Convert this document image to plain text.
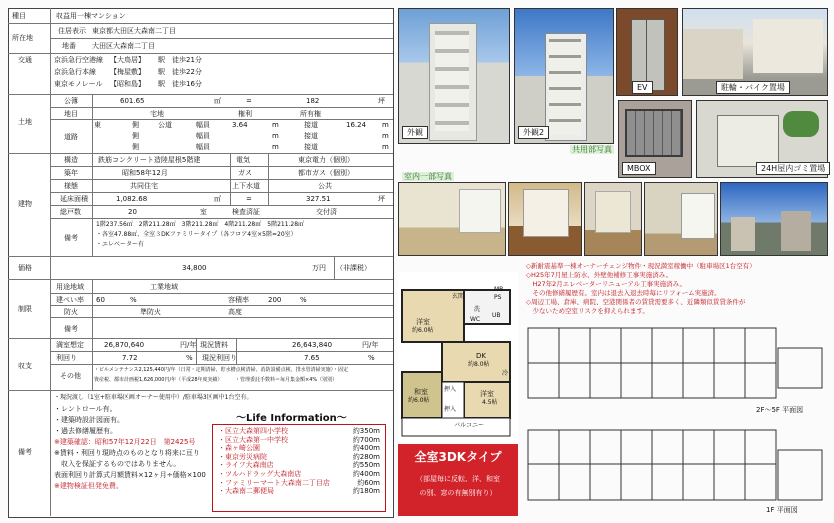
種目	収益用一棟マンション
所在地
住居表示 東京都大田区大森南二丁目
地番 大田区大森南二丁目
交通	京浜急行空港線 【大鳥居】 駅 徒歩21分
京浜急行本線 【梅屋敷】 駅 徒歩22分
東京モノレール 【昭和島】 駅 徒歩16分
土地
公簿	601.65	㎡	=	182	坪
地目	宅地	権利	所有権
道路
東	側	公道	幅員	3.64	m	接道	16.24 m
側	幅員	m	接道	m
側	幅員	m	接道	m
建物
構造	鉄筋コンクリート造陸屋根5階建	電気	東京電力（個別）
築年	昭和58年12月	ガス	都市ガス（個別）
様態	共同住宅	上下水道	公共
延床面積	1,082.68	㎡	=	327.51	坪
総戸数	20	室	検査済証	交付済
備考
1階237.56㎡　2階211.28㎡　3階211.28㎡　4階211.28㎡　5階211.28㎡
・各室47.88㎡、全室３DKファミリータイプ（各フロア4室×5階=20室）
・エレベーター有
価格	34,800	万円 （非課税）
制限
用途地域	工業地域
建ぺい率 60	%	容積率	200	%
防火	準防火	高度
備考
収支
満室想定	26,870,640	円/年 現況賃料	26,643,840	円/年
利回り	7.72	% 現況利回り	7.65	%
その他
・ビルメンテナンス2,125,440円/年（日常・定期清掃、貯水槽点検清掃、消防設備点検、排水管清掃実施）・固定
資産税、都市計画税1,626,000円/年（平成28年度実績）　　　・管理委託手数料＝毎月集金額×4%（別別）
備考
・現況渡し（1室+駐車場区画オーナー使用中）/駐車場3区画中1台空有。
・レントロール有。
・建築時設計図面有。
・過去修繕履歴有。
※建築確認：昭和57年12月22日　第2425号
※賃料・利回り現時点のものとなり将来に亘り
　収入を保証するものではありません。
表面利回り計算式月額賃料×12ヶ月÷価格×100
※建物検証但発免費。
～Life Information～
・区立大森第四小学校	約350m
・区立大森第一中学校	約700m
・森ヶ崎公園	約400m
・東京労災病院	約280m
・ライフ大森南店	約550m
・ツルハドラッグ大森南店	約400m
・ファミリーマート大森南二丁目店	約60m
・大森南二郵便局	約180m
外観	外観2
EV	駐輪・バイク置場
共用部写真
MBOX	24H屋内ゴミ置場
室内一部写真
◇新耐震基準一棟オーナーチェンジ物件・現況満室稼働中（駐車場区1台空有）
◇H25年7月屋上防水、外壁他補修工事実施済み。
　H27年2月エレベーターリニューアル工事実施済み。
　その他修繕履歴有。室内は退去入退去時毎にリフォーム実施済。
◇周辺工場、倉庫、病院、空港関係者の賃貸需要多く、近隣類似賃貸条件が
　少ないため空室リスクを抑えられます。
洋室
約6.0帖
DK
約8.0帖
和室
約6.0帖
洋室
4.5帖
玄関
MB
PS
洗
UB
WC
冷
押入
押入
バルコニー
全室3DKタイプ
（部屋毎に反転、洋、和室
の別、窓の有無別有り）
2F～5F 平面図
1F 平面図
